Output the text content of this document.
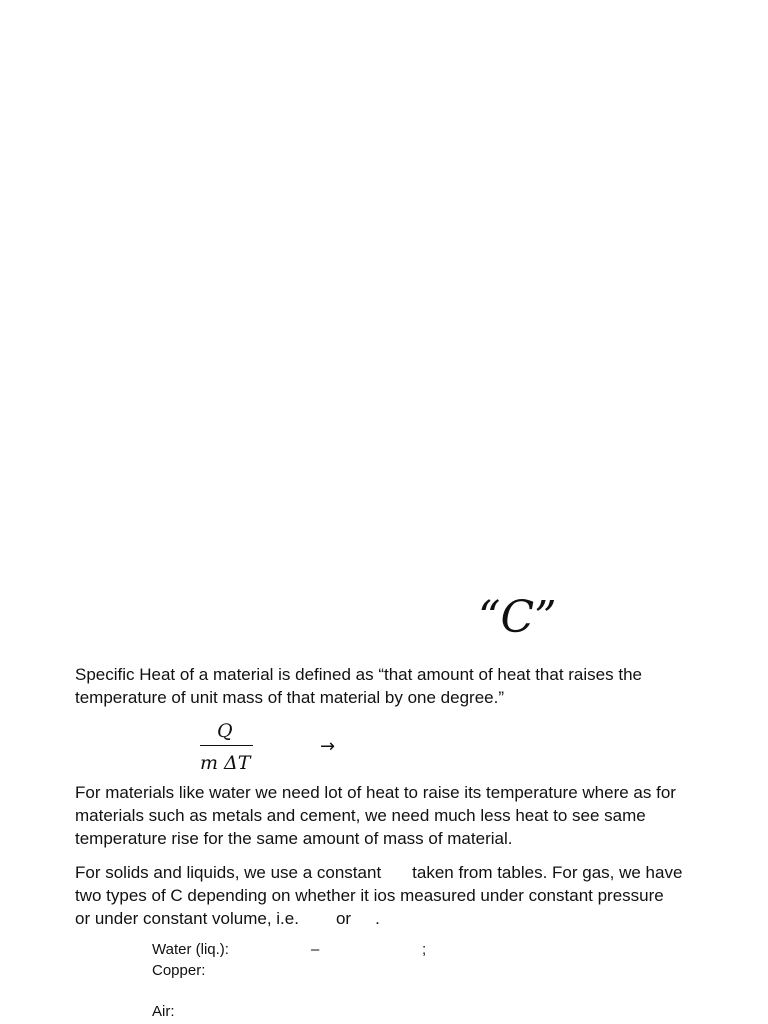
“C”
Specific Heat of a material is defined as “that amount of heat that raises the
temperature of unit mass of that material by one degree.”
Q
m ΔT
→
For materials like water we need lot of heat to raise its temperature where as for
materials such as metals and cement, we need much less heat to see same
temperature rise for the same amount of mass of material.
For solids and liquids, we use a constant taken from tables. For gas, we have
two types of C depending on whether it ios measured under constant pressure
or under constant volume, i.e. or .
Water (liq.):	–	;
Copper:
Air:
